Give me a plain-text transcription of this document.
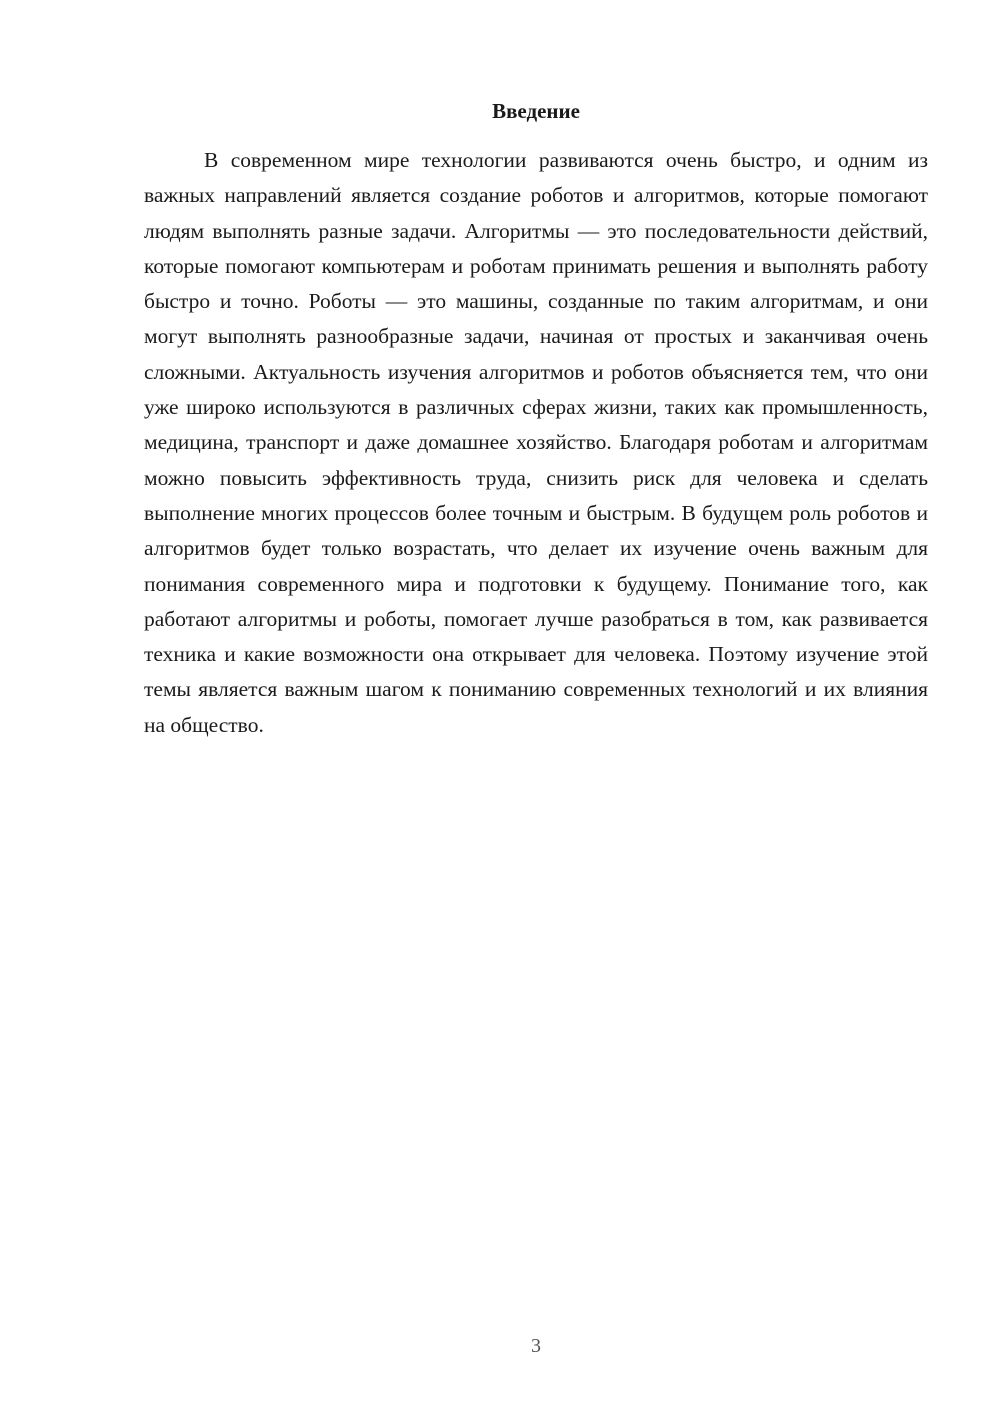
Введение

В современном мире технологии развиваются очень быстро, и одним из важных направлений является создание роботов и алгоритмов, которые помогают людям выполнять разные задачи. Алгоритмы — это последовательности действий, которые помогают компьютерам и роботам принимать решения и выполнять работу быстро и точно. Роботы — это машины, созданные по таким алгоритмам, и они могут выполнять разнообразные задачи, начиная от простых и заканчивая очень сложными. Актуальность изучения алгоритмов и роботов объясняется тем, что они уже широко используются в различных сферах жизни, таких как промышленность, медицина, транспорт и даже домашнее хозяйство. Благодаря роботам и алгоритмам можно повысить эффективность труда, снизить риск для человека и сделать выполнение многих процессов более точным и быстрым. В будущем роль роботов и алгоритмов будет только возрастать, что делает их изучение очень важным для понимания современного мира и подготовки к будущему. Понимание того, как работают алгоритмы и роботы, помогает лучше разобраться в том, как развивается техника и какие возможности она открывает для человека. Поэтому изучение этой темы является важным шагом к пониманию современных технологий и их влияния на общество.

3
